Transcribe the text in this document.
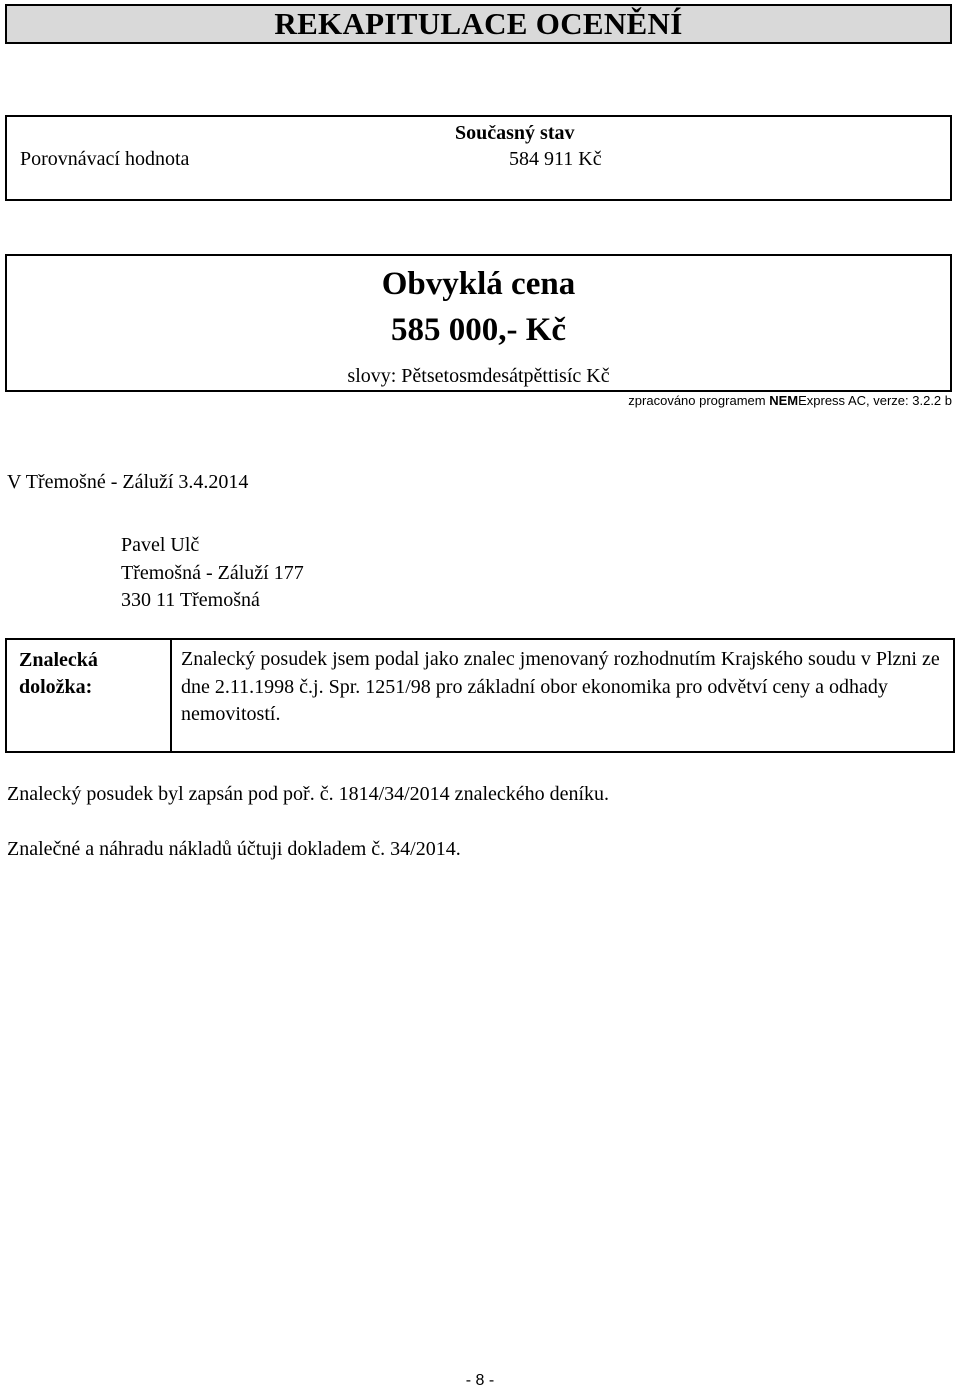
REKAPITULACE OCENĚNÍ
Současný stav
Porovnávací hodnota	584 911 Kč
Obvyklá cena
585 000,- Kč
slovy: Pětsetosmdesátpěttisíc Kč
zpracováno programem NEMExpress AC, verze: 3.2.2 b
V Třemošné - Záluží 3.4.2014
Pavel Ulč
Třemošná - Záluží 177
330 11 Třemošná
Znalecká
doložka:
Znalecký posudek jsem podal jako znalec jmenovaný rozhodnutím Krajského soudu v Plzni ze dne 2.11.1998 č.j. Spr. 1251/98 pro základní obor ekonomika pro odvětví ceny a odhady nemovitostí.
Znalecký posudek byl zapsán pod poř. č. 1814/34/2014 znaleckého deníku.
Znalečné a náhradu nákladů účtuji dokladem č. 34/2014.
- 8 -
